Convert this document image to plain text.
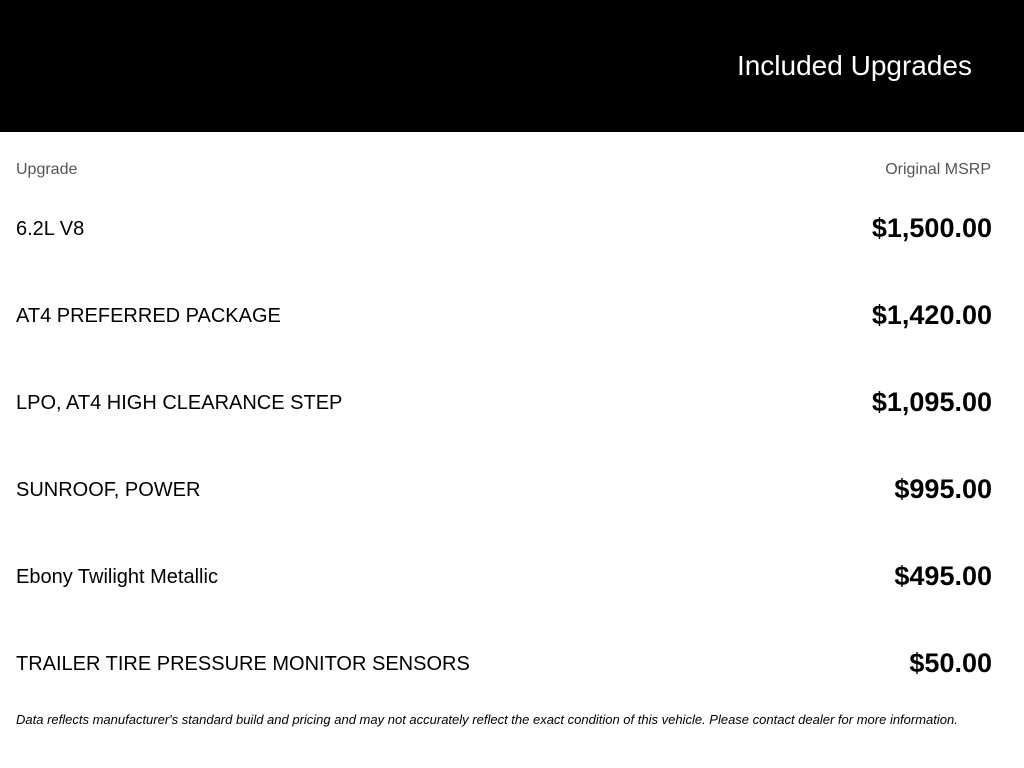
Included Upgrades
Upgrade	Original MSRP
6.2L V8	$1,500.00
AT4 PREFERRED PACKAGE	$1,420.00
LPO, AT4 HIGH CLEARANCE STEP	$1,095.00
SUNROOF, POWER	$995.00
Ebony Twilight Metallic	$495.00
TRAILER TIRE PRESSURE MONITOR SENSORS	$50.00

Data reflects manufacturer's standard build and pricing and may not accurately reflect the exact condition of this vehicle. Please contact dealer for more information.
